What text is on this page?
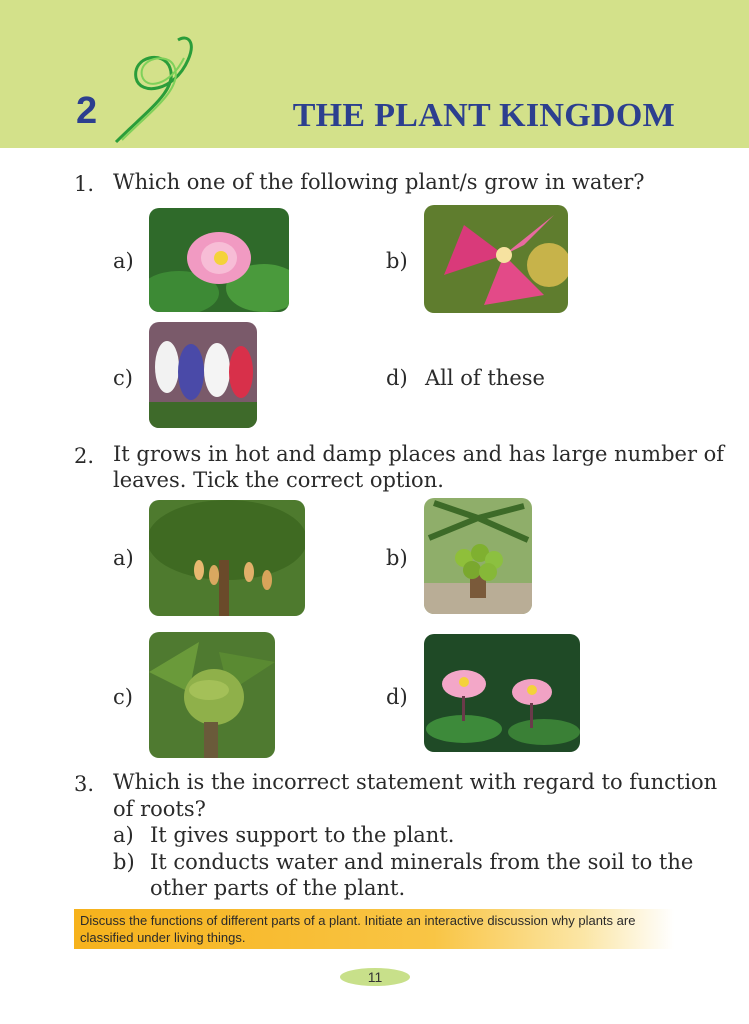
2	THE PLANT KINGDOM
1. Which one of the following plant/s grow in water?
a)	b)
c)	d) All of these
2. It grows in hot and damp places and has large number of
leaves. Tick the correct option.
a)	b)
c)	d)
3. Which is the incorrect statement with regard to function
of roots?
a) It gives support to the plant.
b) It conducts water and minerals from the soil to the
other parts of the plant.
Discuss the functions of different parts of a plant. Initiate an interactive discussion why plants are
classified under living things.
11
